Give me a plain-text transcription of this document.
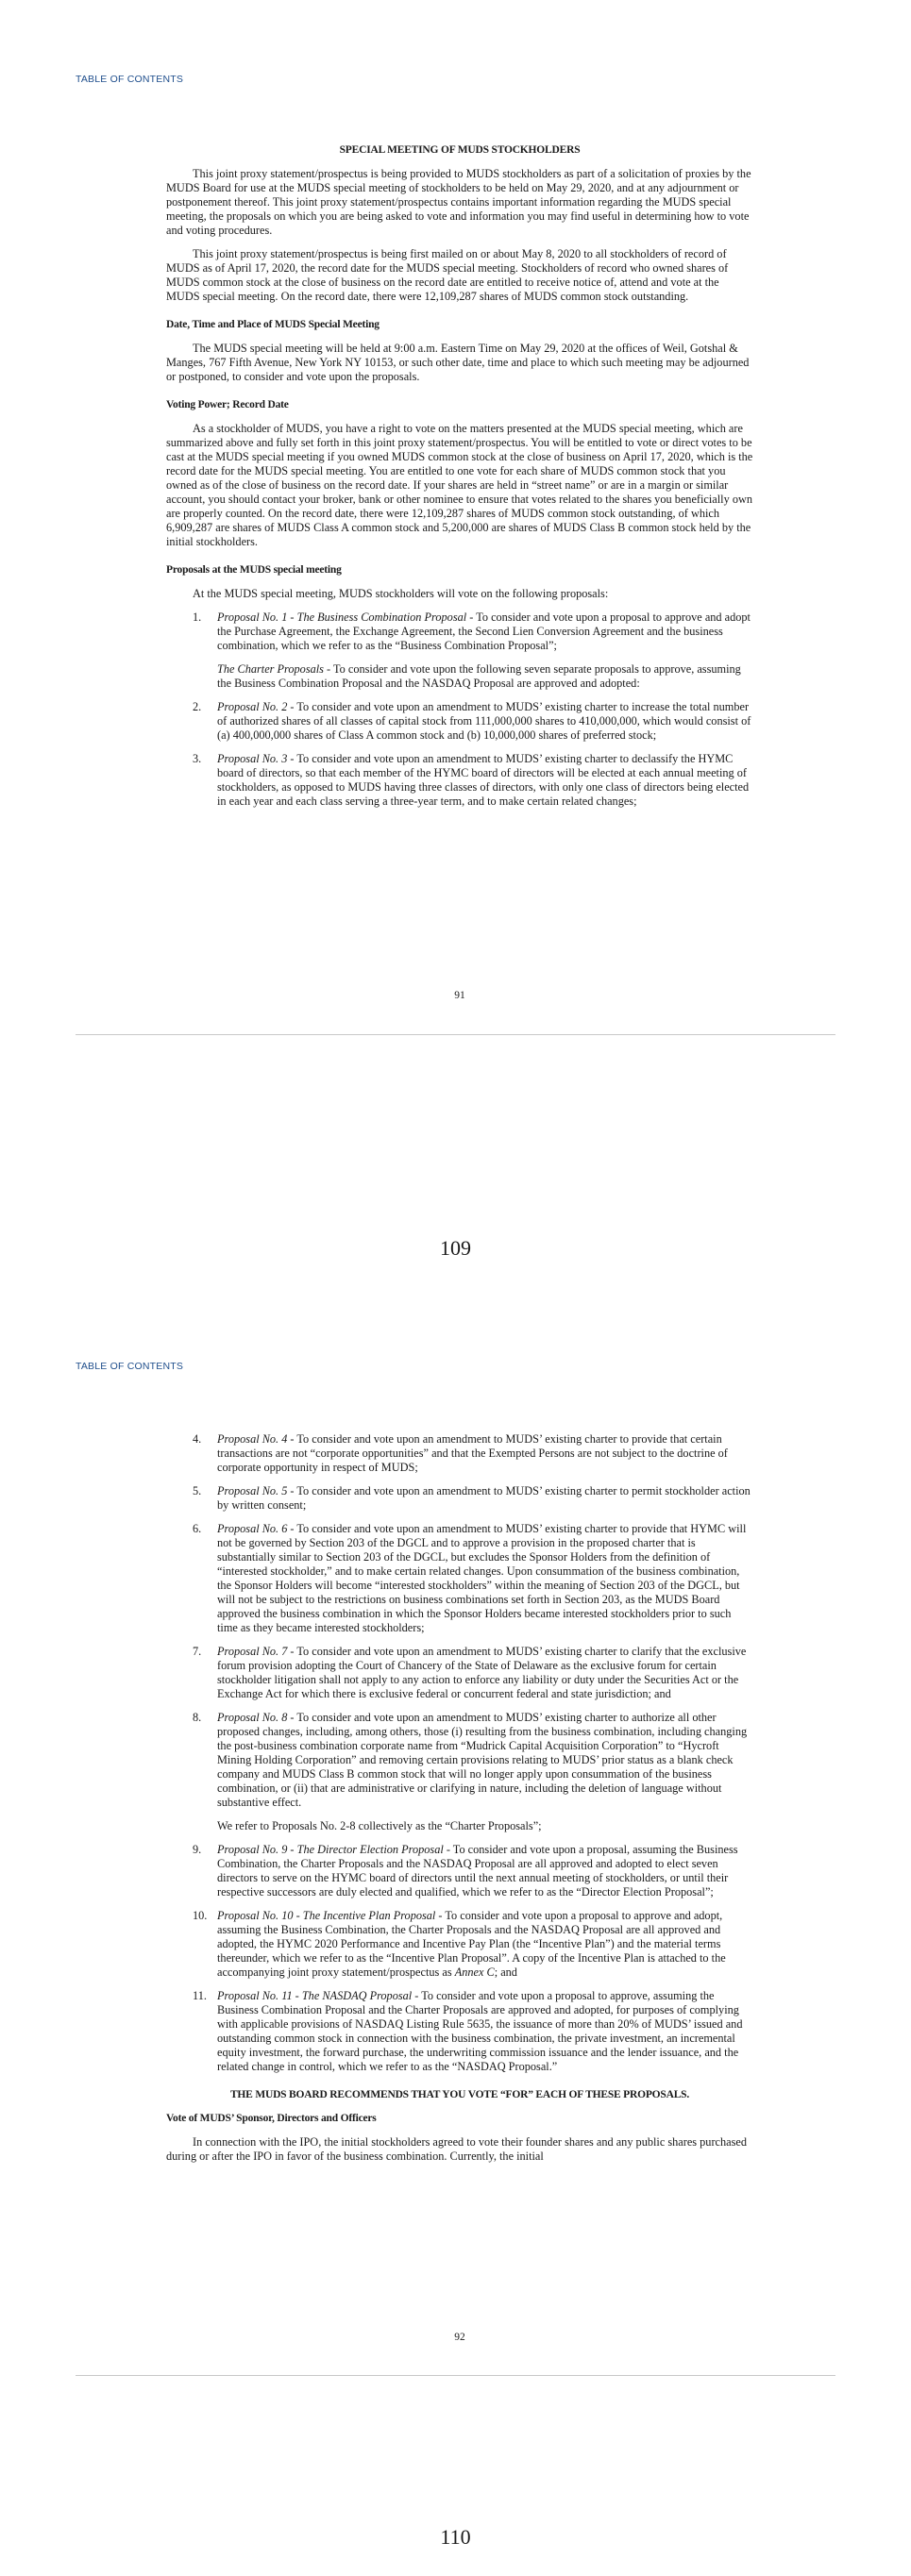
TABLE OF CONTENTS

SPECIAL MEETING OF MUDS STOCKHOLDERS

This joint proxy statement/prospectus is being provided to MUDS stockholders as part of a solicitation of proxies by the MUDS Board for use at the MUDS special meeting of stockholders to be held on May 29, 2020, and at any adjournment or postponement thereof. This joint proxy statement/prospectus contains important information regarding the MUDS special meeting, the proposals on which you are being asked to vote and information you may find useful in determining how to vote and voting procedures.

This joint proxy statement/prospectus is being first mailed on or about May 8, 2020 to all stockholders of record of MUDS as of April 17, 2020, the record date for the MUDS special meeting. Stockholders of record who owned shares of MUDS common stock at the close of business on the record date are entitled to receive notice of, attend and vote at the MUDS special meeting. On the record date, there were 12,109,287 shares of MUDS common stock outstanding.

Date, Time and Place of MUDS Special Meeting

The MUDS special meeting will be held at 9:00 a.m. Eastern Time on May 29, 2020 at the offices of Weil, Gotshal & Manges, 767 Fifth Avenue, New York NY 10153, or such other date, time and place to which such meeting may be adjourned or postponed, to consider and vote upon the proposals.

Voting Power; Record Date

As a stockholder of MUDS, you have a right to vote on the matters presented at the MUDS special meeting, which are summarized above and fully set forth in this joint proxy statement/prospectus. You will be entitled to vote or direct votes to be cast at the MUDS special meeting if you owned MUDS common stock at the close of business on April 17, 2020, which is the record date for the MUDS special meeting. You are entitled to one vote for each share of MUDS common stock that you owned as of the close of business on the record date. If your shares are held in “street name” or are in a margin or similar account, you should contact your broker, bank or other nominee to ensure that votes related to the shares you beneficially own are properly counted. On the record date, there were 12,109,287 shares of MUDS common stock outstanding, of which 6,909,287 are shares of MUDS Class A common stock and 5,200,000 are shares of MUDS Class B common stock held by the initial stockholders.

Proposals at the MUDS special meeting

At the MUDS special meeting, MUDS stockholders will vote on the following proposals:

1.	Proposal No. 1 - The Business Combination Proposal - To consider and vote upon a proposal to approve and adopt the Purchase Agreement, the Exchange Agreement, the Second Lien Conversion Agreement and the business combination, which we refer to as the “Business Combination Proposal”;

The Charter Proposals - To consider and vote upon the following seven separate proposals to approve, assuming the Business Combination Proposal and the NASDAQ Proposal are approved and adopted:

2.	Proposal No. 2 - To consider and vote upon an amendment to MUDS’ existing charter to increase the total number of authorized shares of all classes of capital stock from 111,000,000 shares to 410,000,000, which would consist of (a) 400,000,000 shares of Class A common stock and (b) 10,000,000 shares of preferred stock;
3.	Proposal No. 3 - To consider and vote upon an amendment to MUDS’ existing charter to declassify the HYMC board of directors, so that each member of the HYMC board of directors will be elected at each annual meeting of stockholders, as opposed to MUDS having three classes of directors, with only one class of directors being elected in each year and each class serving a three-year term, and to make certain related changes;
91
109
TABLE OF CONTENTS
4.	Proposal No. 4 - To consider and vote upon an amendment to MUDS’ existing charter to provide that certain transactions are not “corporate opportunities” and that the Exempted Persons are not subject to the doctrine of corporate opportunity in respect of MUDS;
5.	Proposal No. 5 - To consider and vote upon an amendment to MUDS’ existing charter to permit stockholder action by written consent;
6.	Proposal No. 6 - To consider and vote upon an amendment to MUDS’ existing charter to provide that HYMC will not be governed by Section 203 of the DGCL and to approve a provision in the proposed charter that is substantially similar to Section 203 of the DGCL, but excludes the Sponsor Holders from the definition of “interested stockholder,” and to make certain related changes. Upon consummation of the business combination, the Sponsor Holders will become “interested stockholders” within the meaning of Section 203 of the DGCL, but will not be subject to the restrictions on business combinations set forth in Section 203, as the MUDS Board approved the business combination in which the Sponsor Holders became interested stockholders prior to such time as they became interested stockholders;
7.	Proposal No. 7 - To consider and vote upon an amendment to MUDS’ existing charter to clarify that the exclusive forum provision adopting the Court of Chancery of the State of Delaware as the exclusive forum for certain stockholder litigation shall not apply to any action to enforce any liability or duty under the Securities Act or the Exchange Act for which there is exclusive federal or concurrent federal and state jurisdiction; and
8.	Proposal No. 8 - To consider and vote upon an amendment to MUDS’ existing charter to authorize all other proposed changes, including, among others, those (i) resulting from the business combination, including changing the post-business combination corporate name from “Mudrick Capital Acquisition Corporation” to “Hycroft Mining Holding Corporation” and removing certain provisions relating to MUDS’ prior status as a blank check company and MUDS Class B common stock that will no longer apply upon consummation of the business combination, or (ii) that are administrative or clarifying in nature, including the deletion of language without substantive effect.

We refer to Proposals No. 2-8 collectively as the “Charter Proposals”;

9.	Proposal No. 9 - The Director Election Proposal - To consider and vote upon a proposal, assuming the Business Combination, the Charter Proposals and the NASDAQ Proposal are all approved and adopted to elect seven directors to serve on the HYMC board of directors until the next annual meeting of stockholders, or until their respective successors are duly elected and qualified, which we refer to as the “Director Election Proposal”;
10. Proposal No. 10 - The Incentive Plan Proposal - To consider and vote upon a proposal to approve and adopt, assuming the Business Combination, the Charter Proposals and the NASDAQ Proposal are all approved and adopted, the HYMC 2020 Performance and Incentive Pay Plan (the “Incentive Plan”) and the material terms thereunder, which we refer to as the “Incentive Plan Proposal”. A copy of the Incentive Plan is attached to the accompanying joint proxy statement/prospectus as Annex C; and
11. Proposal No. 11 - The NASDAQ Proposal - To consider and vote upon a proposal to approve, assuming the Business Combination Proposal and the Charter Proposals are approved and adopted, for purposes of complying with applicable provisions of NASDAQ Listing Rule 5635, the issuance of more than 20% of MUDS’ issued and outstanding common stock in connection with the business combination, the private investment, an incremental equity investment, the forward purchase, the underwriting commission issuance and the lender issuance, and the related change in control, which we refer to as the “NASDAQ Proposal.”

THE MUDS BOARD RECOMMENDS THAT YOU VOTE “FOR” EACH OF THESE PROPOSALS.

Vote of MUDS’ Sponsor, Directors and Officers

In connection with the IPO, the initial stockholders agreed to vote their founder shares and any public shares purchased during or after the IPO in favor of the business combination. Currently, the initial

92
110
